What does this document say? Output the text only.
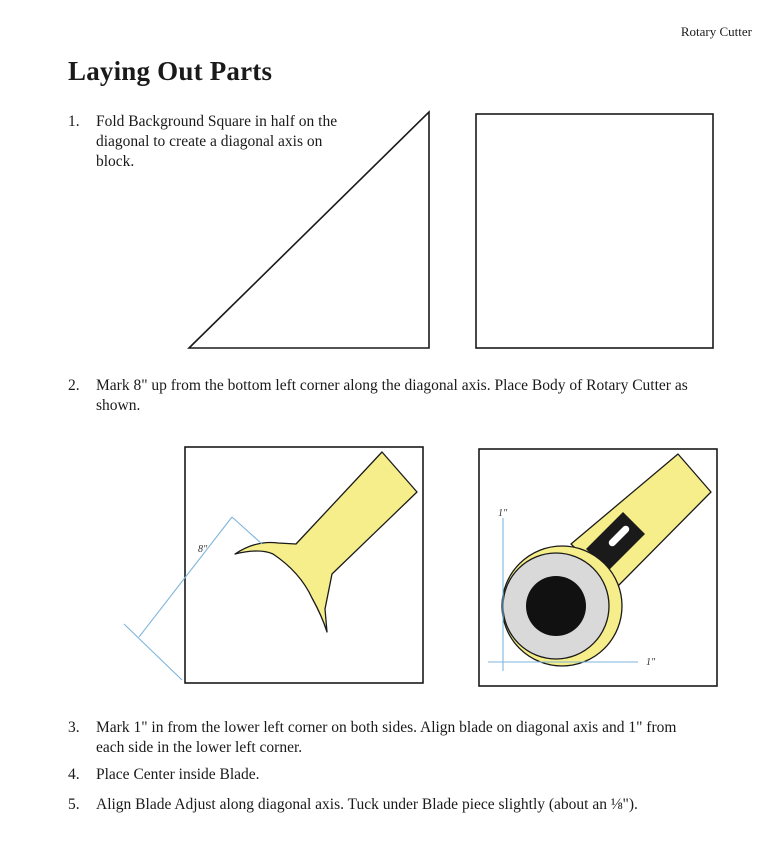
Rotary Cutter
Laying Out Parts
1. Fold Background Square in half on the diagonal to create a diagonal axis on block.
2. Mark 8" up from the bottom left corner along the diagonal axis. Place Body of Rotary Cutter as shown.
8"
1"
1"
3. Mark 1" in from the lower left corner on both sides. Align blade on diagonal axis and 1" from each side in the lower left corner.
4. Place Center inside Blade.
5. Align Blade Adjust along diagonal axis. Tuck under Blade piece slightly (about an ⅛").
